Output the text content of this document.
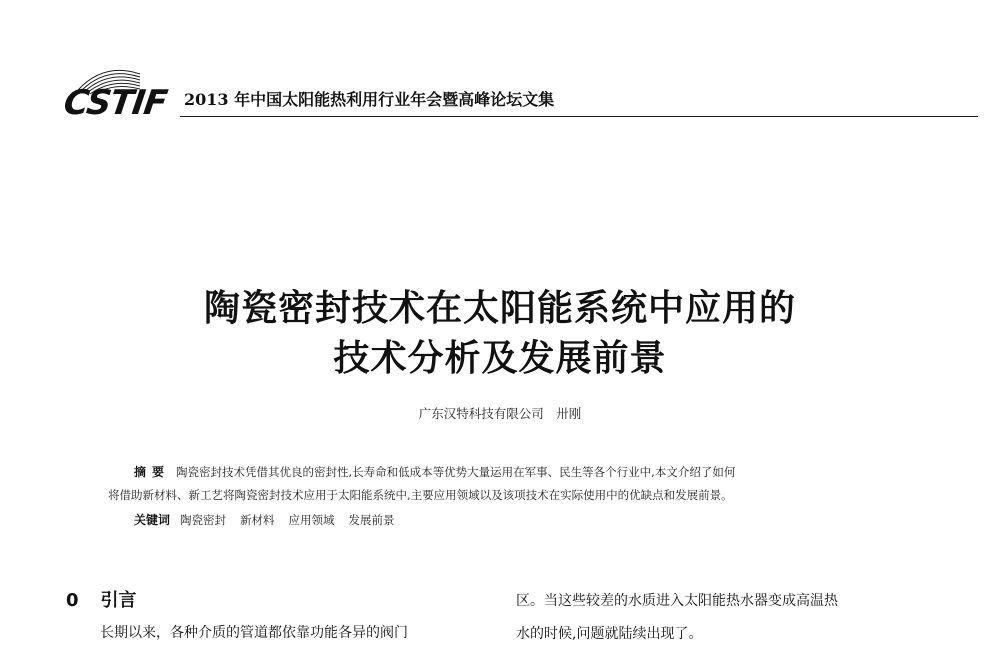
CSTIF 2013 年中国太阳能热利用行业年会暨高峰论坛文集
陶瓷密封技术在太阳能系统中应用的
技术分析及发展前景
广东汉特科技有限公司　卅刚
摘要 陶瓷密封技术凭借其优良的密封性,长寿命和低成本等优势大量运用在军事、民生等各个行业中,本文介绍了如何
将借助新材料、新工艺将陶瓷密封技术应用于太阳能系统中,主要应用领域以及该项技术在实际使用中的优缺点和发展前景。
关键词 陶瓷密封 新材料 应用领域 发展前景
0 引言
长期以来，各种介质的管道都依靠功能各异的阀门
区。当这些较差的水质进入太阳能热水器变成高温热
水的时候,问题就陆续出现了。
